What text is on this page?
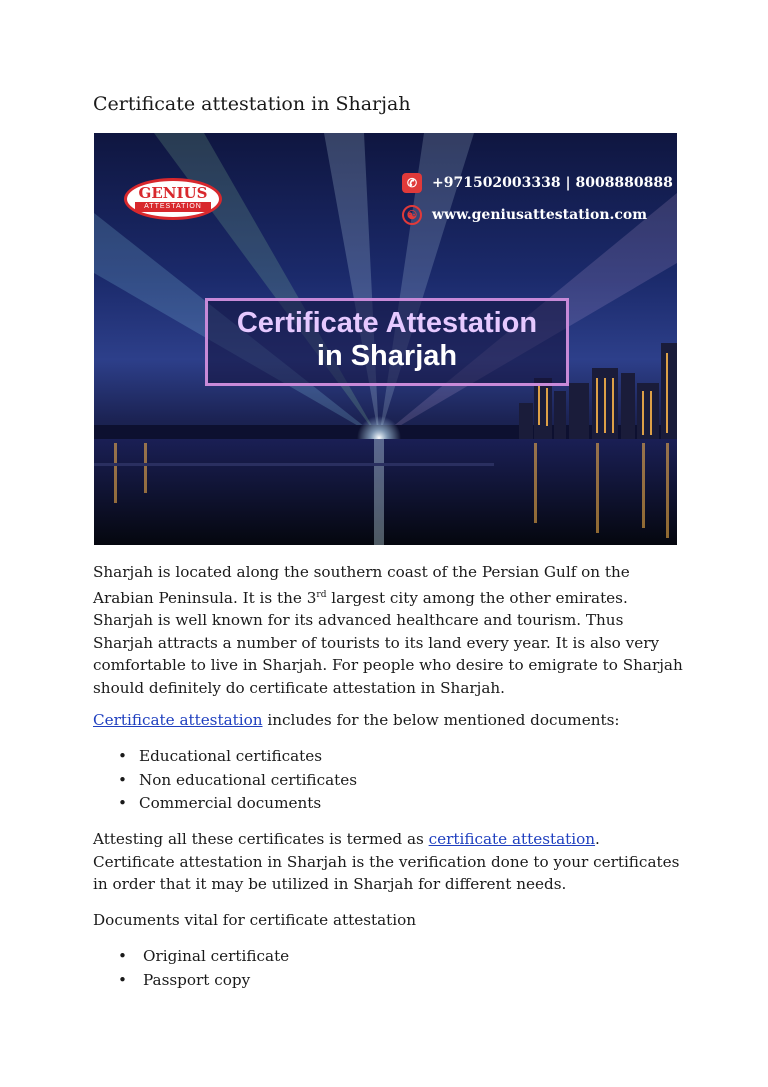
Certificate attestation in Sharjah
GENIUS
ATTESTATION
✆ +971502003338 | 8008880888
☯ www.geniusattestation.com
Certificate Attestation
in Sharjah

Sharjah is located along the southern coast of the Persian Gulf on the Arabian Peninsula. It is the 3rd largest city among the other emirates. Sharjah is well known for its advanced healthcare and tourism. Thus Sharjah attracts a number of tourists to its land every year. It is also very comfortable to live in Sharjah. For people who desire to emigrate to Sharjah should definitely do certificate attestation in Sharjah.

Certificate attestation includes for the below mentioned documents:

• Educational certificates
• Non educational certificates
• Commercial documents

Attesting all these certificates is termed as certificate attestation. Certificate attestation in Sharjah is the verification done to your certificates in order that it may be utilized in Sharjah for different needs.

Documents vital for certificate attestation

• Original certificate
• Passport copy
